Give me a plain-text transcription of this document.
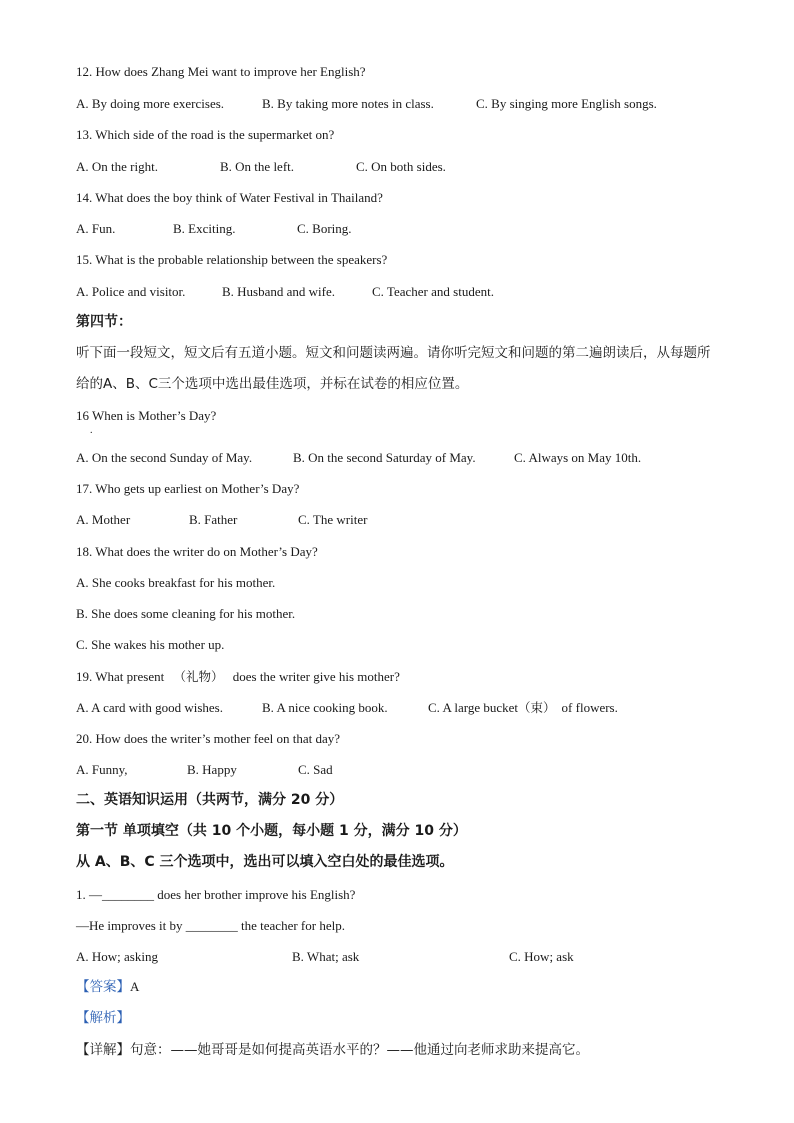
12. How does Zhang Mei want to improve her English?
A. By doing more exercises.	B. By taking more notes in class.	C. By singing more English songs.
13. Which side of the road is the supermarket on?
A. On the right.	B. On the left.	C. On both sides.
14. What does the boy think of Water Festival in Thailand?
A. Fun.	B. Exciting.	C. Boring.
15. What is the probable relationship between the speakers?
A. Police and visitor.	B. Husband and wife.	C. Teacher and student.
第四节：
听下面一段短文，短文后有五道小题。短文和问题读两遍。请你听完短文和问题的第二遍朗读后，从每题所给的A、B、C三个选项中选出最佳选项，并标在试卷的相应位置。
16 When is Mother’s Day?
.
A. On the second Sunday of May.	B. On the second Saturday of May.	C. Always on May 10th.
17. Who gets up earliest on Mother’s Day?
A. Mother	B. Father	C. The writer
18. What does the writer do on Mother’s Day?
A. She cooks breakfast for his mother.
B. She does some cleaning for his mother.
C. She wakes his mother up.
19. What present （礼物） does the writer give his mother?
A. A card with good wishes.	B. A nice cooking book.	C. A large bucket（束） of flowers.
20. How does the writer’s mother feel on that day?
A. Funny,	B. Happy	C. Sad
二、英语知识运用（共两节，满分 20 分）
第一节 单项填空（共 10 个小题，每小题 1 分，满分 10 分）
从 A、B、C 三个选项中，选出可以填入空白处的最佳选项。
1. —________ does her brother improve his English?
—He improves it by ________ the teacher for help.
A. How; asking	B. What; ask	C. How; ask
【答案】A
【解析】
【详解】句意：——她哥哥是如何提高英语水平的？——他通过向老师求助来提高它。
